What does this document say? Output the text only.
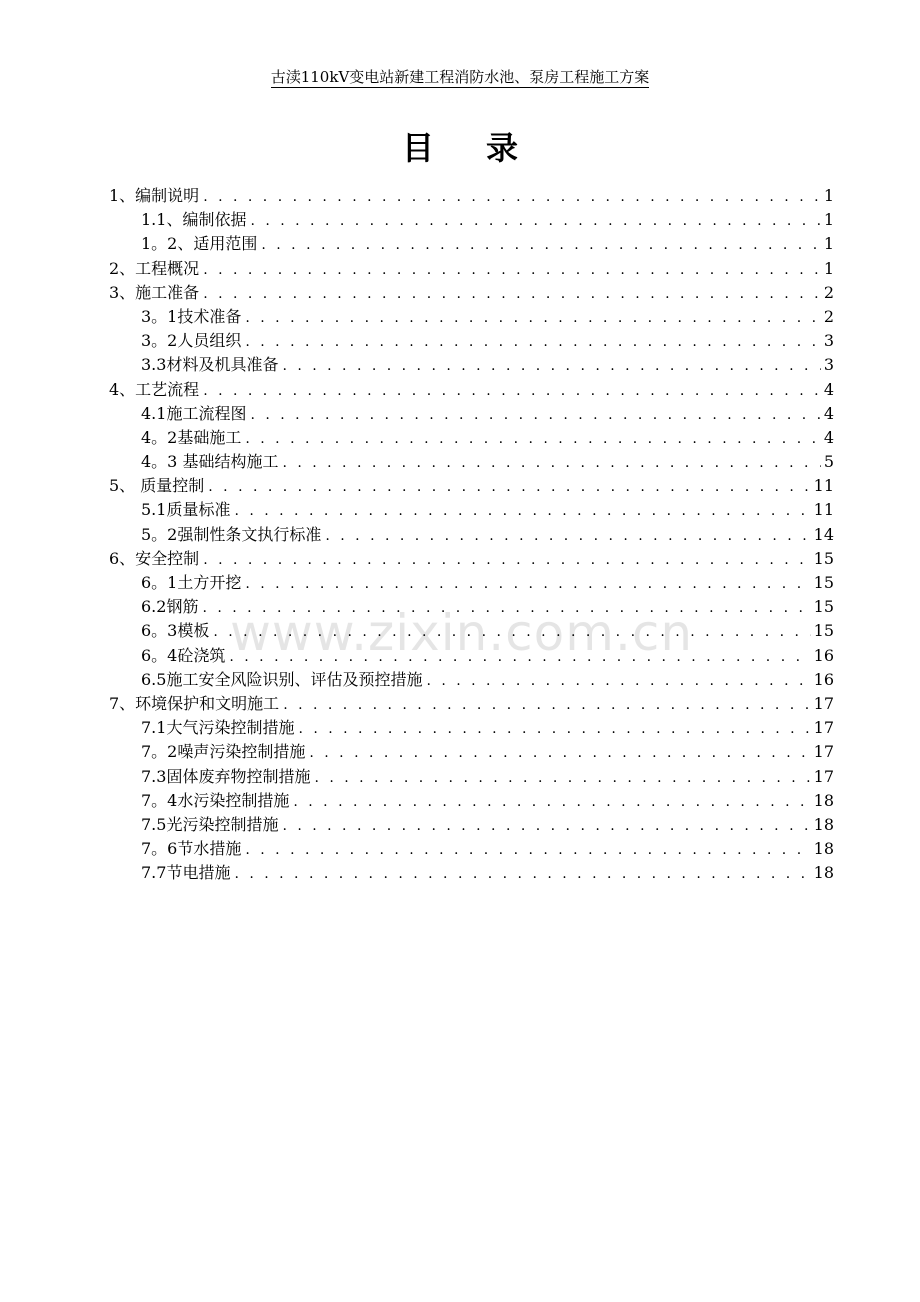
古渎110kV变电站新建工程消防水池、泵房工程施工方案
目录
1、编制说明 . . .	1
1.1、编制依据 . . .	1
1。2、适用范围 . . .	1
2、工程概况 . . .	1
3、施工准备 . . .	2
3。1技术准备 . . .	2
3。2人员组织 . . .	3
3.3材料及机具准备 . . .	3
4、工艺流程 . . .	4
4.1施工流程图 . . .	4
4。2基础施工 . . .	4
4。3 基础结构施工 . . .	5
5、 质量控制 . . .	11
5.1质量标准 . . .	11
5。2强制性条文执行标准 . . .	14
6、安全控制 . . .	15
6。1土方开挖 . . .	15
6.2钢筋 . . .	15
6。3模板 . . .	15
6。4砼浇筑 . . .	16
6.5施工安全风险识别、评估及预控措施 . . .	16
7、环境保护和文明施工 . . .	17
7.1大气污染控制措施 . . .	17
7。2噪声污染控制措施 . . .	17
7.3固体废弃物控制措施 . . .	17
7。4水污染控制措施 . . .	18
7.5光污染控制措施 . . .	18
7。6节水措施 . . .	18
7.7节电措施 . . .	18
www.zixin.com.cn
